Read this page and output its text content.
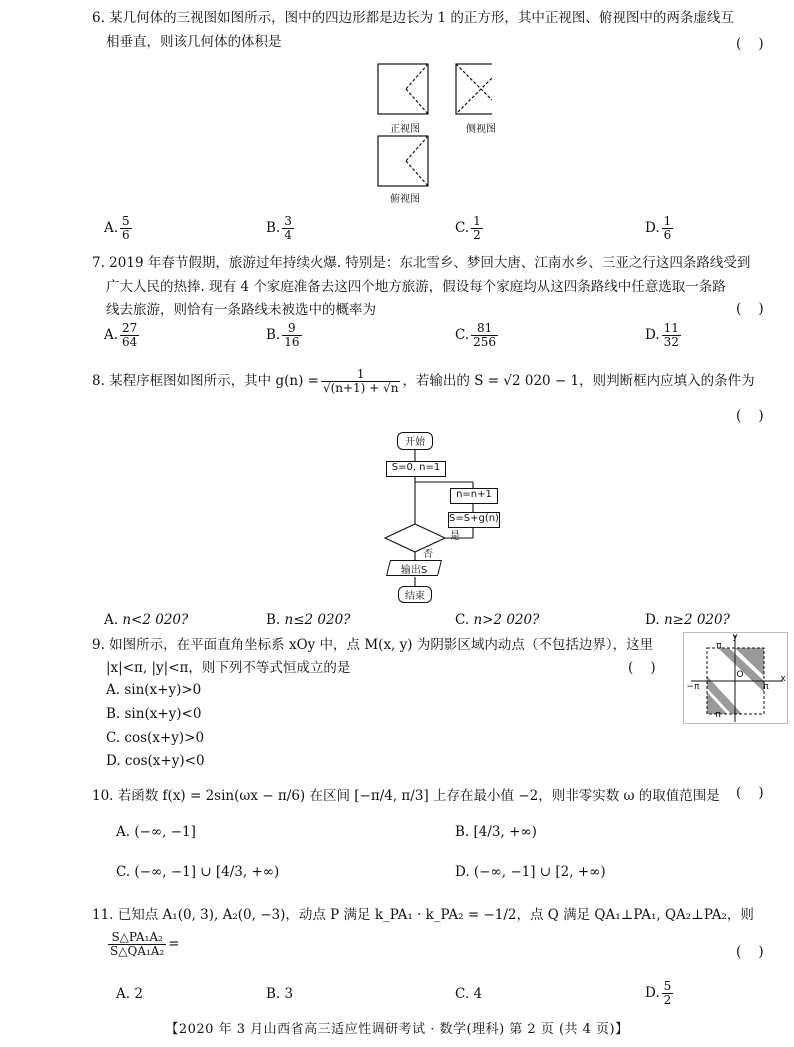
6. 某几何体的三视图如图所示，图中的四边形都是边长为 1 的正方形，其中正视图、俯视图中的两条虚线互
相垂直，则该几何体的体积是	(    )
正视图	侧视图
俯视图
A. $\frac{5}{6}$	B. $\frac{3}{4}$	C. $\frac{1}{2}$	D. $\frac{1}{6}$
7. 2019 年春节假期，旅游过年持续火爆. 特别是：东北雪乡、梦回大唐、江南水乡、三亚之行这四条路线受到
广大人民的热捧. 现有 4 个家庭准备去这四个地方旅游，假设每个家庭均从这四条路线中任意选取一条路
线去旅游，则恰有一条路线未被选中的概率为	(    )
A. $\frac{27}{64}$	B. $\frac{9}{16}$	C. $\frac{81}{256}$	D. $\frac{11}{32}$
8. 某程序框图如图所示，其中 $g(n) = \frac{1}{√(n+1) + √n}$ ，若输出的 S = √2 020 − 1，则判断框内应填入的条件为
(    )
开始
S=0, n=1
n=n+1
S=S+g(n)
是
否
输出S
结束
A. n<2 020?	B. n≤2 020?	C. n>2 020?	D. n≥2 020?
9. 如图所示，在平面直角坐标系 xOy 中，点 M(x, y) 为阴影区域内动点（不包括边界），这里
|x|<π, |y|<π，则下列不等式恒成立的是	(    )
A. sin(x+y)>0
B. sin(x+y)<0
C. cos(x+y)>0
D. cos(x+y)<0
y
x
π
−π
O
π
π
10. 若函数 f(x) = 2sin(ωx − π/6) 在区间 [−π/4, π/3] 上存在最小值 −2，则非零实数 ω 的取值范围是 (    )
A. (−∞, −1]	B. [4/3, +∞)
C. (−∞, −1] ∪ [4/3, +∞)	D. (−∞, −1] ∪ [2, +∞)
11. 已知点 A₁(0, 3), A₂(0, −3)，动点 P 满足 k_PA₁ · k_PA₂ = −1/2，点 Q 满足 QA₁⊥PA₁, QA₂⊥PA₂，则
$\frac{\text{S△PA₁A₂}}{\text{S△QA₁A₂}}$ =	(    )
A. 2	B. 3	C. 4	D. $\frac{5}{2}$
【2020 年 3 月山西省高三适应性调研考试 · 数学(理科) 第 2 页 (共 4 页)】
